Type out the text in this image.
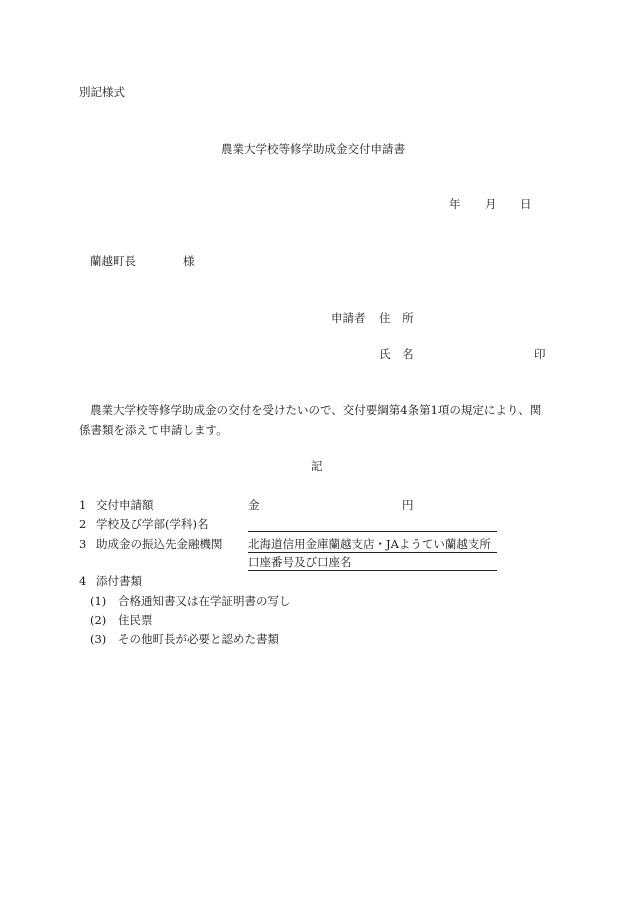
別記様式
農業大学校等修学助成金交付申請書
年 月 日
蘭越町長	様
申請者 住 所
氏 名	印
農業大学校等修学助成金の交付を受けたいので、交付要綱第4条第1項の規定により、関
係書類を添えて申請します。
記
1 交付申請額	金	円
2 学校及び学部(学科)名
3 助成金の振込先金融機関 北海道信用金庫蘭越支店・JAようてい蘭越支所
口座番号及び口座名
4 添付書類
(1) 合格通知書又は在学証明書の写し
(2) 住民票
(3) その他町長が必要と認めた書類
